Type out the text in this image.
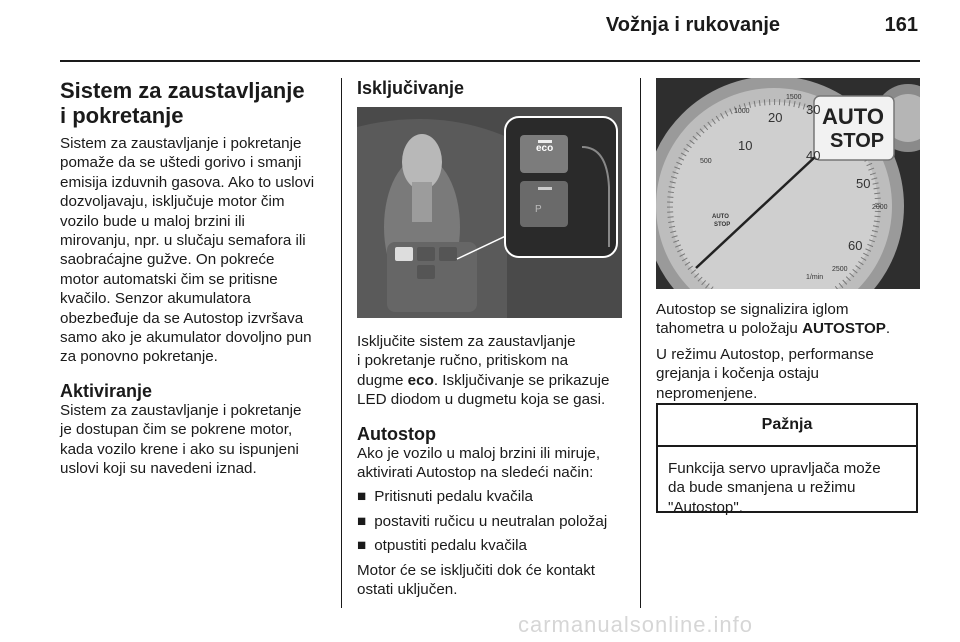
Vožnja i rukovanje	161
Sistem za zaustavljanje
i pokretanje

Sistem za zaustavljanje i pokretanje
pomaže da se uštedi gorivo i smanji
emisija izduvnih gasova. Ako to uslovi
dozvoljavaju, isključuje motor čim
vozilo bude u maloj brzini ili
mirovanju, npr. u slučaju semafora ili
saobraćajne gužve. On pokreće
motor automatski čim se pritisne
kvačilo. Senzor akumulatora
obezbeđuje da se Autostop izvršava
samo ako je akumulator dovoljno pun
za ponovno pokretanje.

Aktiviranje

Sistem za zaustavljanje i pokretanje
je dostupan čim se pokrene motor,
kada vozilo krene i ako su ispunjeni
uslovi koji su navedeni iznad.

Isključivanje
P
eco

Isključite sistem za zaustavljanje
i pokretanje ručno, pritiskom na
dugme eco. Isključivanje se prikazuje
LED diodom u dugmetu koja se gasi.

Autostop

Ako je vozilo u maloj brzini ili miruje,
aktivirati Autostop na sledeći način:

■ Pritisnuti pedalu kvačila
■ postaviti ručicu u neutralan položaj
■ otpustiti pedalu kvačila

Motor će se isključiti dok će kontakt
ostati uključen.

AUTO
STOP
10
20
30
40
50
60
500
1000
1500
2000
2500
AUTO
STOP
1/min

Autostop se signalizira iglom
tahometra u položaju AUTOSTOP.

U režimu Autostop, performanse
grejanja i kočenja ostaju
nepromenjene.

Pažnja
Funkcija servo upravljača može
da bude smanjena u režimu
"Autostop".
carmanualsonline.info
